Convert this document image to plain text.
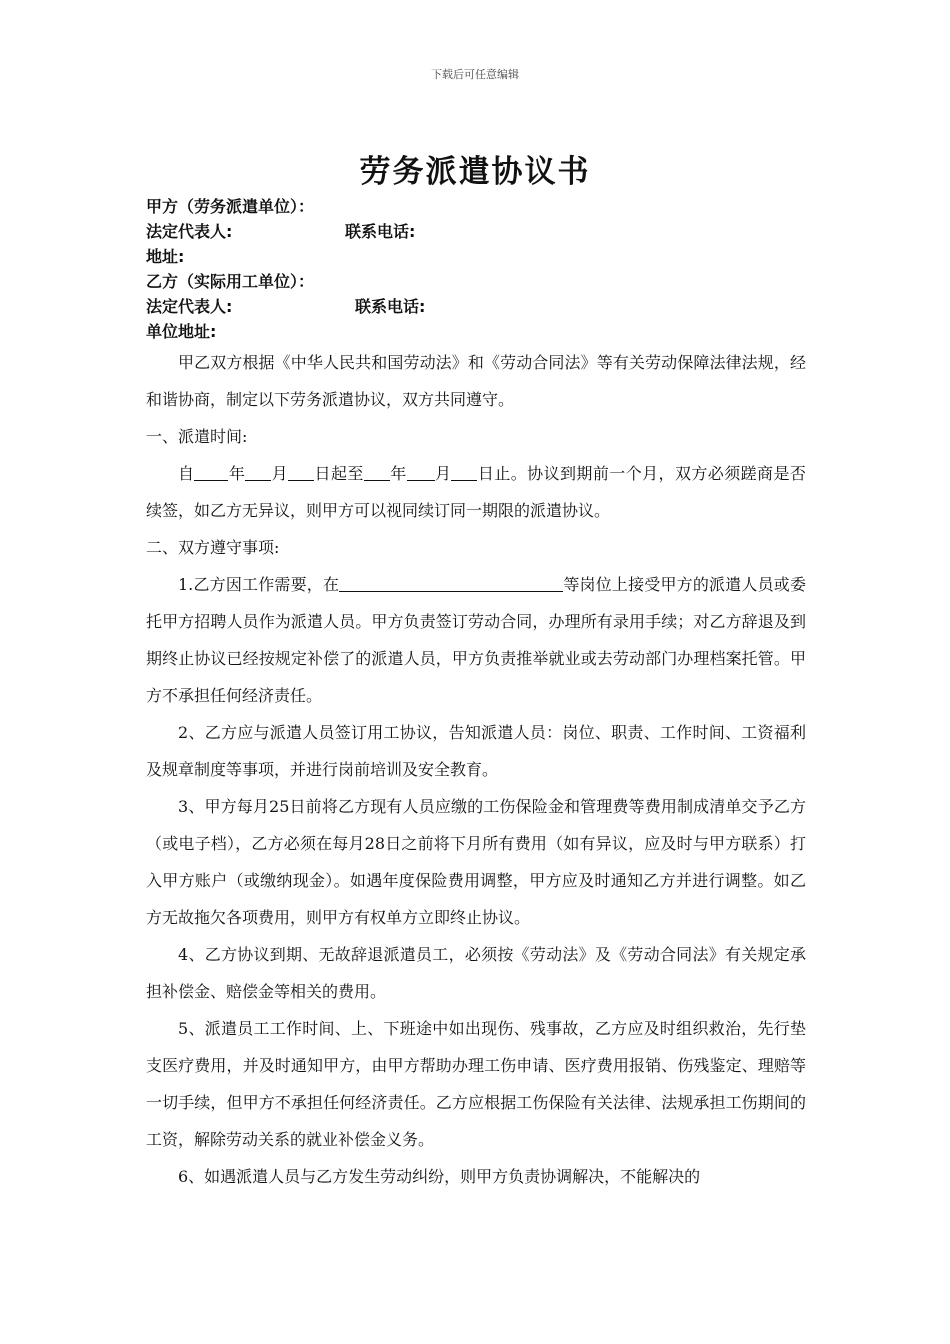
下载后可任意编辑
劳务派遣协议书
甲方（劳务派遣单位）：
法定代表人:	联系电话:
地址:
乙方（实际用工单位）：
法定代表人:	联系电话:
单位地址:

甲乙双方根据《中华人民共和国劳动法》和《劳动合同法》等有关劳动保障法律法规，经和谐协商，制定以下劳务派遣协议，双方共同遵守。

一、派遣时间:

自 年 月 日起至 年 月 日止。协议到期前一个月，双方必须蹉商是否续签，如乙方无异议，则甲方可以视同续订同一期限的派遣协议。

二、双方遵守事项:

1.乙方因工作需要，在	等岗位上接受甲方的派遣人员或委托甲方招聘人员作为派遣人员。甲方负责签订劳动合同，办理所有录用手续；对乙方辞退及到期终止协议已经按规定补偿了的派遣人员，甲方负责推举就业或去劳动部门办理档案托管。甲方不承担任何经济责任。

2、乙方应与派遣人员签订用工协议，告知派遣人员：岗位、职责、工作时间、工资福利及规章制度等事项，并进行岗前培训及安全教育。

3、甲方每月25日前将乙方现有人员应缴的工伤保险金和管理费等费用制成清单交予乙方（或电子档），乙方必须在每月28日之前将下月所有费用（如有异议，应及时与甲方联系）打入甲方账户（或缴纳现金）。如遇年度保险费用调整，甲方应及时通知乙方并进行调整。如乙方无故拖欠各项费用，则甲方有权单方立即终止协议。

4、乙方协议到期、无故辞退派遣员工，必须按《劳动法》及《劳动合同法》有关规定承担补偿金、赔偿金等相关的费用。

5、派遣员工工作时间、上、下班途中如出现伤、残事故，乙方应及时组织救治，先行垫支医疗费用，并及时通知甲方，由甲方帮助办理工伤申请、医疗费用报销、伤残鉴定、理赔等一切手续，但甲方不承担任何经济责任。乙方应根据工伤保险有关法律、法规承担工伤期间的工资，解除劳动关系的就业补偿金义务。

6、如遇派遣人员与乙方发生劳动纠纷，则甲方负责协调解决，不能解决的
